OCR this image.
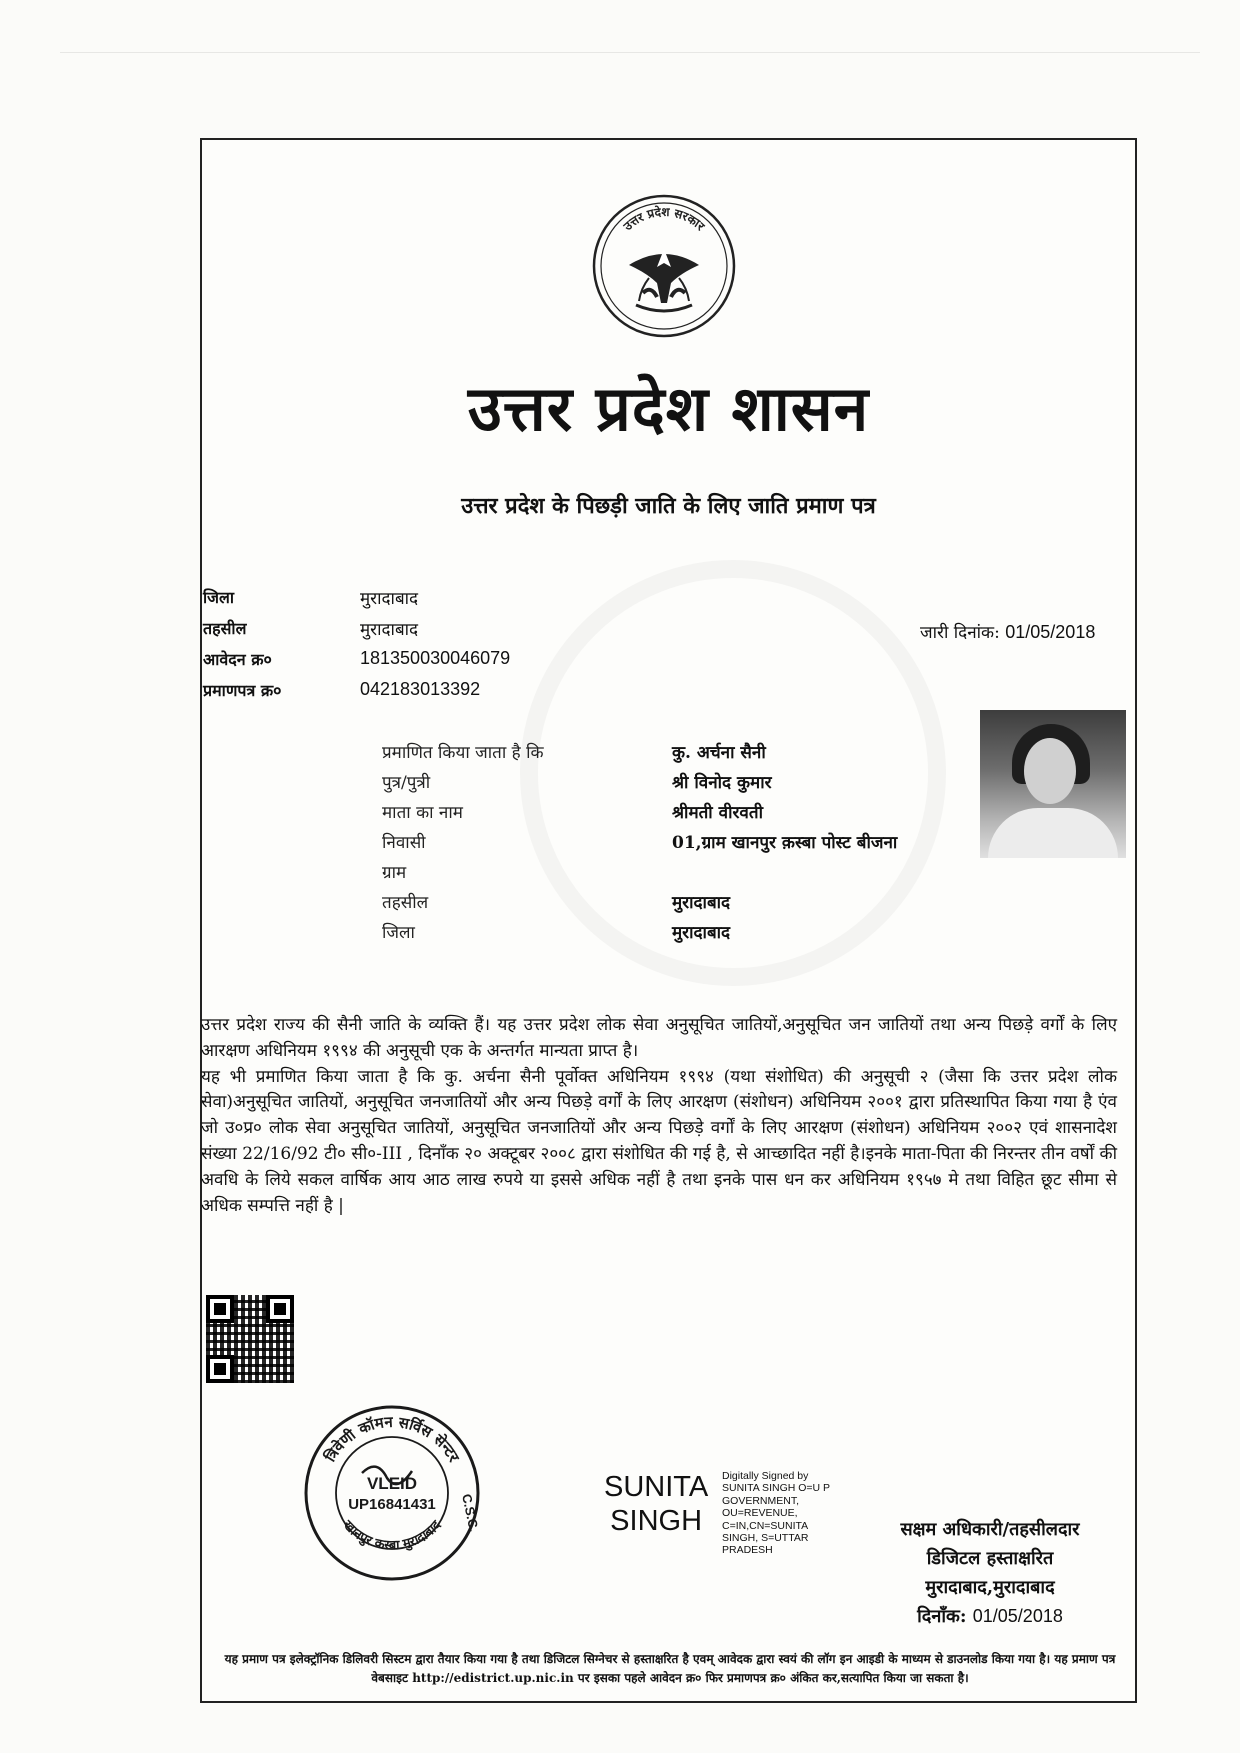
उत्तर प्रदेश सरकार
उत्तर प्रदेश शासन
उत्तर प्रदेश के पिछड़ी जाति के लिए जाति प्रमाण पत्र
जिला	मुरादाबाद
तहसील	मुरादाबाद
आवेदन क्र०	181350030046079
प्रमाणपत्र क्र०	042183013392
जारी दिनांक: 01/05/2018
प्रमाणित किया जाता है कि	कु. अर्चना सैनी
पुत्र/पुत्री	श्री विनोद कुमार
माता का नाम	श्रीमती वीरवती
निवासी	01,ग्राम खानपुर क़स्बा पोस्ट बीजना
ग्राम
तहसील	मुरादाबाद
जिला	मुरादाबाद

उत्तर प्रदेश राज्य की सैनी जाति के व्यक्ति हैं। यह उत्तर प्रदेश लोक सेवा अनुसूचित जातियों,अनुसूचित जन जातियों तथा अन्य पिछड़े वर्गों के लिए आरक्षण अधिनियम १९९४ की अनुसूची एक के अन्तर्गत मान्यता प्राप्त है।

यह भी प्रमाणित किया जाता है कि कु. अर्चना सैनी पूर्वोक्त अधिनियम १९९४ (यथा संशोधित) की अनुसूची २ (जैसा कि उत्तर प्रदेश लोक सेवा)अनुसूचित जातियों, अनुसूचित जनजातियों और अन्य पिछड़े वर्गों के लिए आरक्षण (संशोधन) अधिनियम २००१ द्वारा प्रतिस्थापित किया गया है एंव जो उ०प्र० लोक सेवा अनुसूचित जातियों, अनुसूचित जनजातियों और अन्य पिछड़े वर्गों के लिए आरक्षण (संशोधन) अधिनियम २००२ एवं शासनादेश संख्या 22/16/92 टी० सी०-III , दिनाँक २० अक्टूबर २००८ द्वारा संशोधित की गई है, से आच्छादित नहीं है।इनके माता-पिता की निरन्तर तीन वर्षों की अवधि के लिये सकल वार्षिक आय आठ लाख रुपये या इससे अधिक नहीं है तथा इनके पास धन कर अधिनियम १९५७ मे तथा विहित छूट सीमा से अधिक सम्पत्ति नहीं है |

त्रिवेणी कॉमन सर्विस सेन्टर
खानपुर कस्बा मुरादाबाद C.S.C.
VLEID
UP16841431
SUNITA
SINGH
Digitally Signed by
SUNITA SINGH O=U P
GOVERNMENT,
OU=REVENUE,
C=IN,CN=SUNITA
SINGH, S=UTTAR
PRADESH
सक्षम अधिकारी/तहसीलदार
डिजिटल हस्ताक्षरित
मुरादाबाद,मुरादाबाद
दिनाँक: 01/05/2018
यह प्रमाण पत्र इलेक्ट्रॉनिक डिलिवरी सिस्टम द्वारा तैयार किया गया है तथा डिजिटल सिग्नेचर से हस्ताक्षरित है एवम् आवेदक द्वारा स्वयं की लॉग इन आइडी के माध्यम से डाउनलोड किया गया है। यह प्रमाण पत्र वेबसाइट http://edistrict.up.nic.in पर इसका पहले आवेदन क्र० फिर प्रमाणपत्र क्र० अंकित कर,सत्यापित किया जा सकता है।
